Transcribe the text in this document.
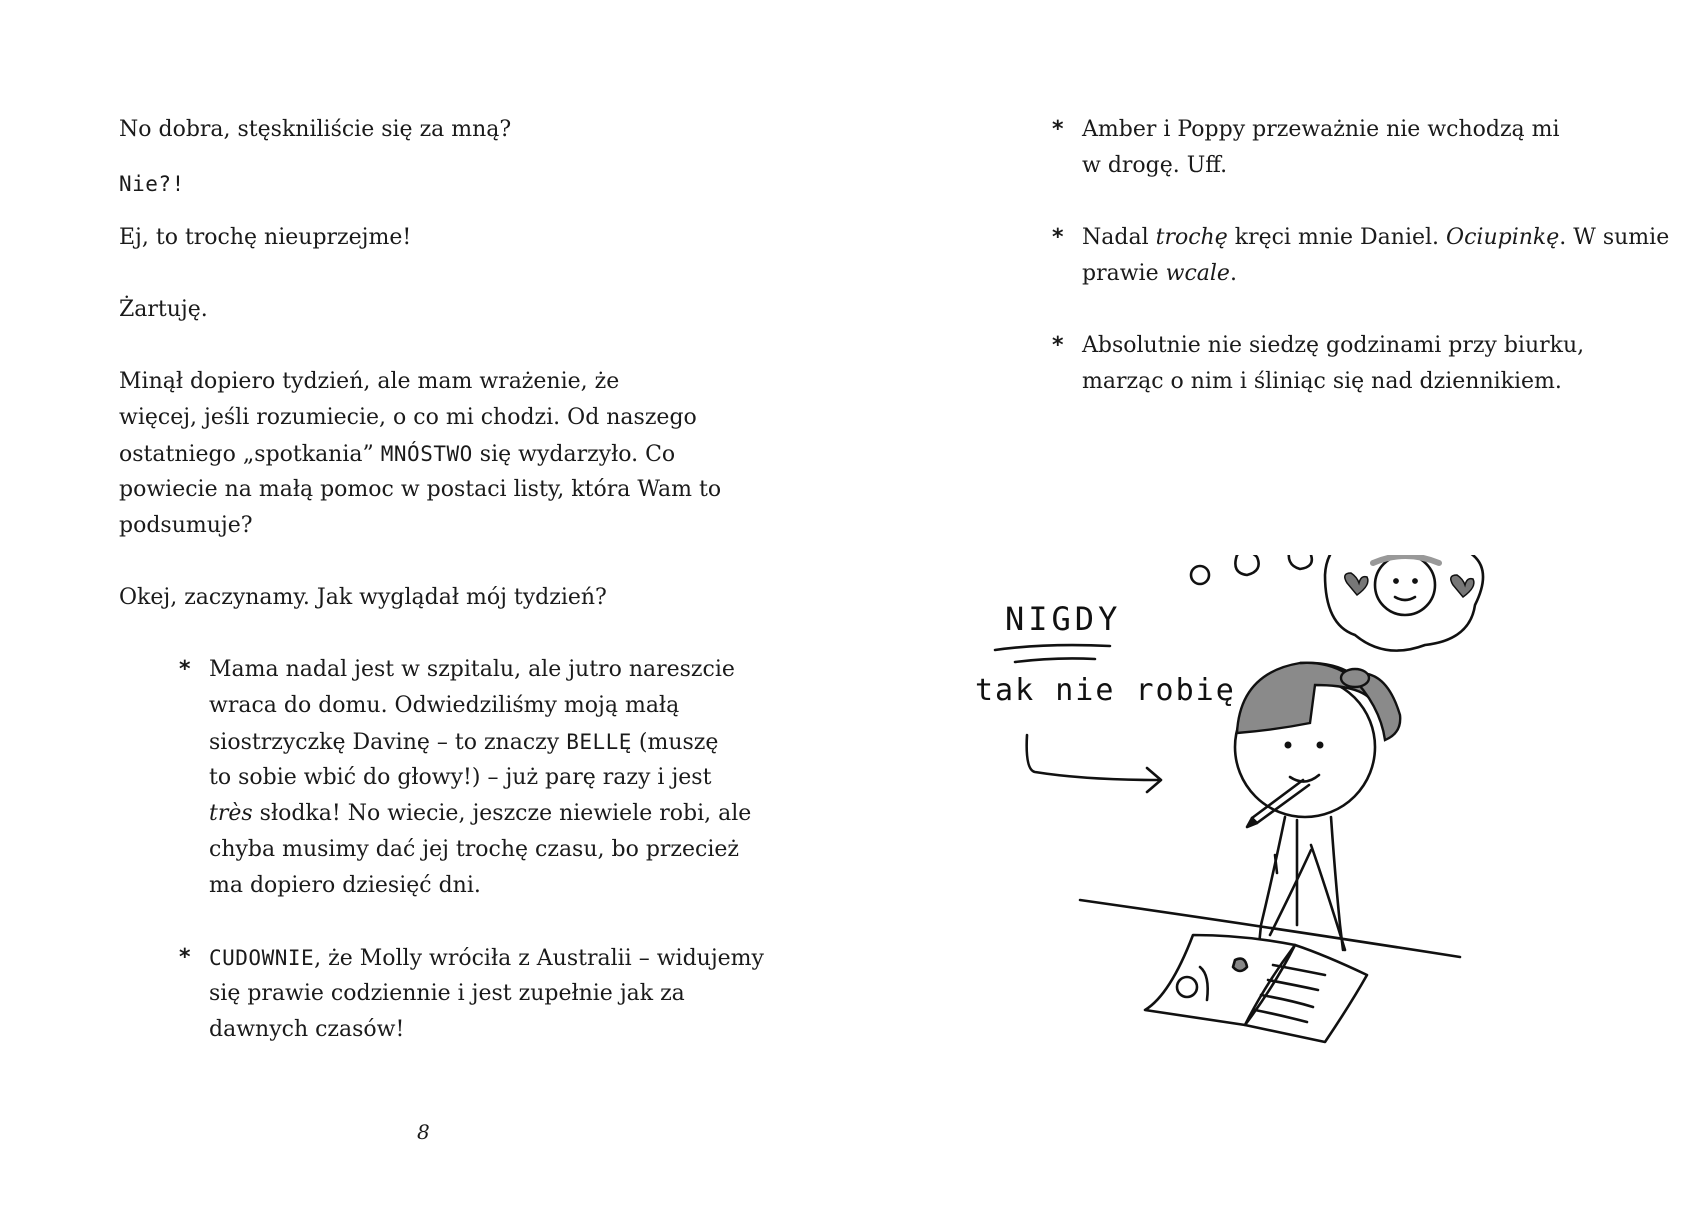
No dobra, stęskniliście się za mną?

Nie?!

Ej, to trochę nieuprzejme!

Żartuję.

Minął dopiero tydzień, ale mam wrażenie, że

więcej, jeśli rozumiecie, o co mi chodzi. Od naszego

ostatniego „spotkania” MNÓSTWO się wydarzyło. Co

powiecie na małą pomoc w postaci listy, która Wam to

podsumuje?

Okej, zaczynamy. Jak wyglądał mój tydzień?

* Mama nadal jest w szpitalu, ale jutro nareszcie

wraca do domu. Odwiedziliśmy moją małą

siostrzyczkę Davinę – to znaczy BELLĘ (muszę

to sobie wbić do głowy!) – już parę razy i jest

très słodka! No wiecie, jeszcze niewiele robi, ale

chyba musimy dać jej trochę czasu, bo przecież

ma dopiero dziesięć dni.

* CUDOWNIE, że Molly wróciła z Australii – widujemy

się prawie codziennie i jest zupełnie jak za

dawnych czasów!

8
* Amber i Poppy przeważnie nie wchodzą mi

w drogę. Uff.

* Nadal trochę kręci mnie Daniel. Ociupinkę. W sumie

prawie wcale.

* Absolutnie nie siedzę godzinami przy biurku,

marząc o nim i śliniąc się nad dziennikiem.

NIGDY
tak nie robię
